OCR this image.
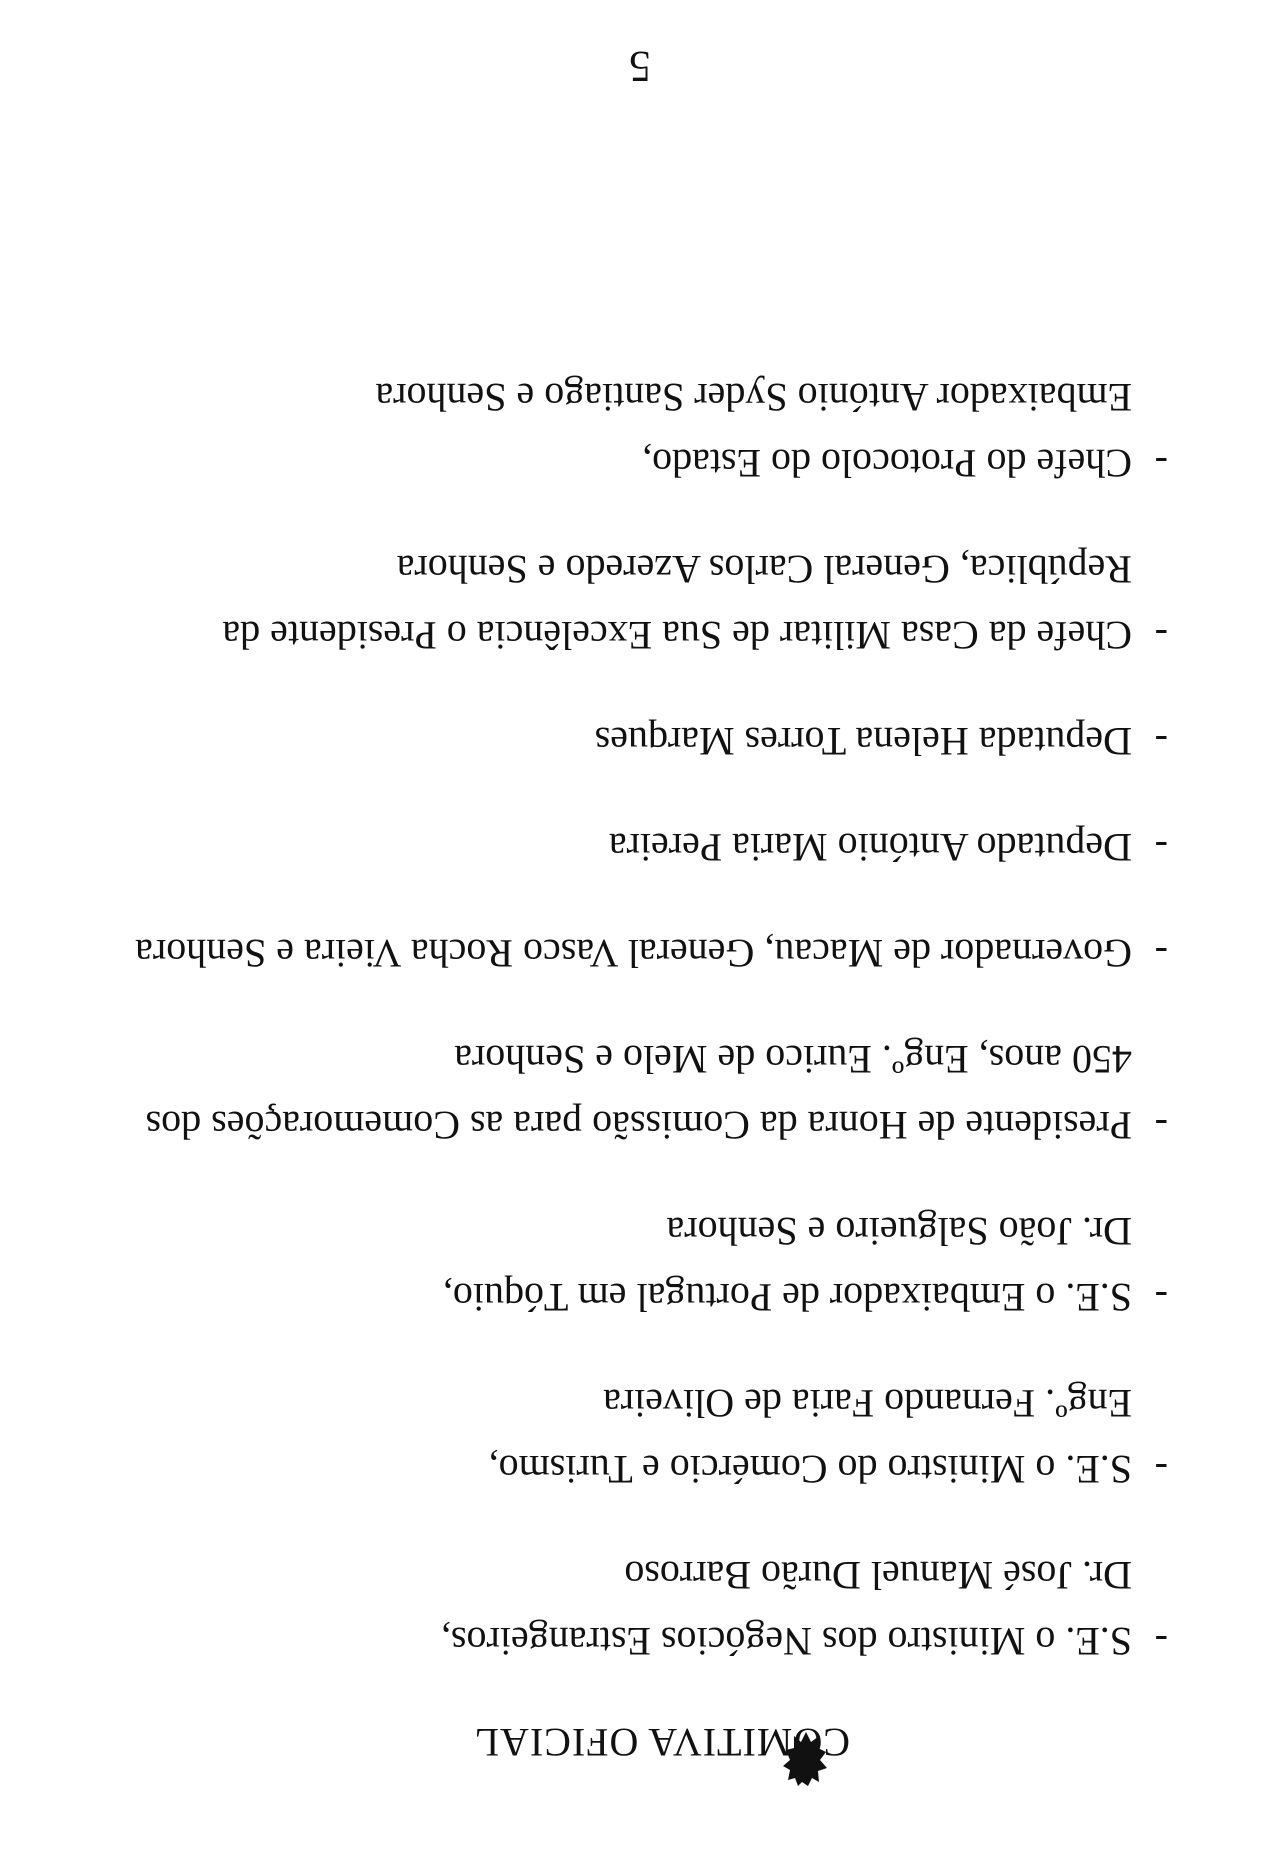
COMITIVA OFICIAL
-
S.E. o Ministro dos Negócios Estrangeiros,
Dr. José Manuel Durão Barroso
-
S.E. o Ministro do Comércio e Turismo,
Engº. Fernando Faria de Oliveira
-
S.E. o Embaixador de Portugal em Tóquio,
Dr. João Salgueiro e Senhora
-
Presidente de Honra da Comissão para as Comemorações dos
450 anos, Engº. Eurico de Melo e Senhora
-
Governador de Macau, General Vasco Rocha Vieira e Senhora
-
Deputado António Maria Pereira
-
Deputada Helena Torres Marques
-
Chefe da Casa Militar de Sua Excelência o Presidente da
República, General Carlos Azeredo e Senhora
-
Chefe do Protocolo do Estado,
Embaixador António Syder Santiago e Senhora
5
